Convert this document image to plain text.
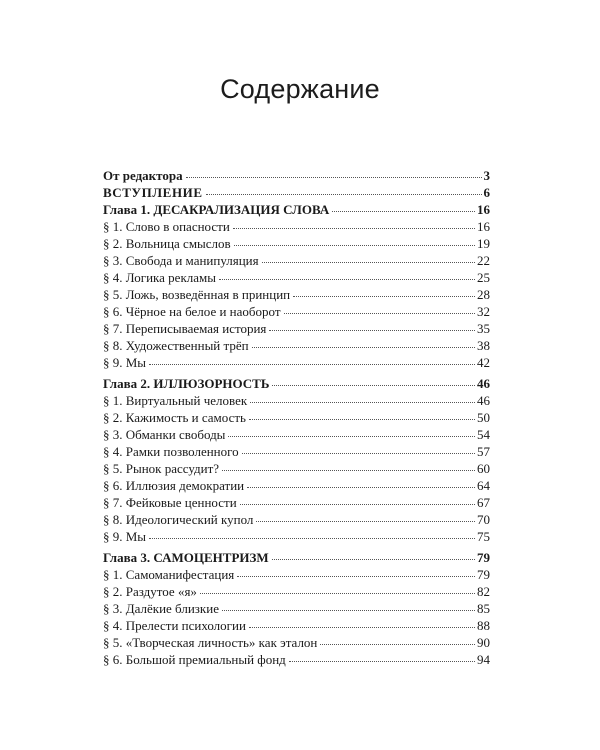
Содержание
От редактора	3
ВСТУПЛЕНИЕ	6
Глава 1. ДЕСАКРАЛИЗАЦИЯ СЛОВА	16
§ 1. Слово в опасности	16
§ 2. Вольница смыслов	19
§ 3. Свобода и манипуляция	22
§ 4. Логика рекламы	25
§ 5. Ложь, возведённая в принцип	28
§ 6. Чёрное на белое и наоборот	32
§ 7. Переписываемая история	35
§ 8. Художественный трёп	38
§ 9. Мы	42
Глава 2. ИЛЛЮЗОРНОСТЬ	46
§ 1. Виртуальный человек	46
§ 2. Кажимость и самость	50
§ 3. Обманки свободы	54
§ 4. Рамки позволенного	57
§ 5. Рынок рассудит?	60
§ 6. Иллюзия демократии	64
§ 7. Фейковые ценности	67
§ 8. Идеологический купол	70
§ 9. Мы	75
Глава 3. САМОЦЕНТРИЗМ	79
§ 1. Самоманифестация	79
§ 2. Раздутое «я»	82
§ 3. Далёкие близкие	85
§ 4. Прелести психологии	88
§ 5. «Творческая личность» как эталон	90
§ 6. Большой премиальный фонд	94
